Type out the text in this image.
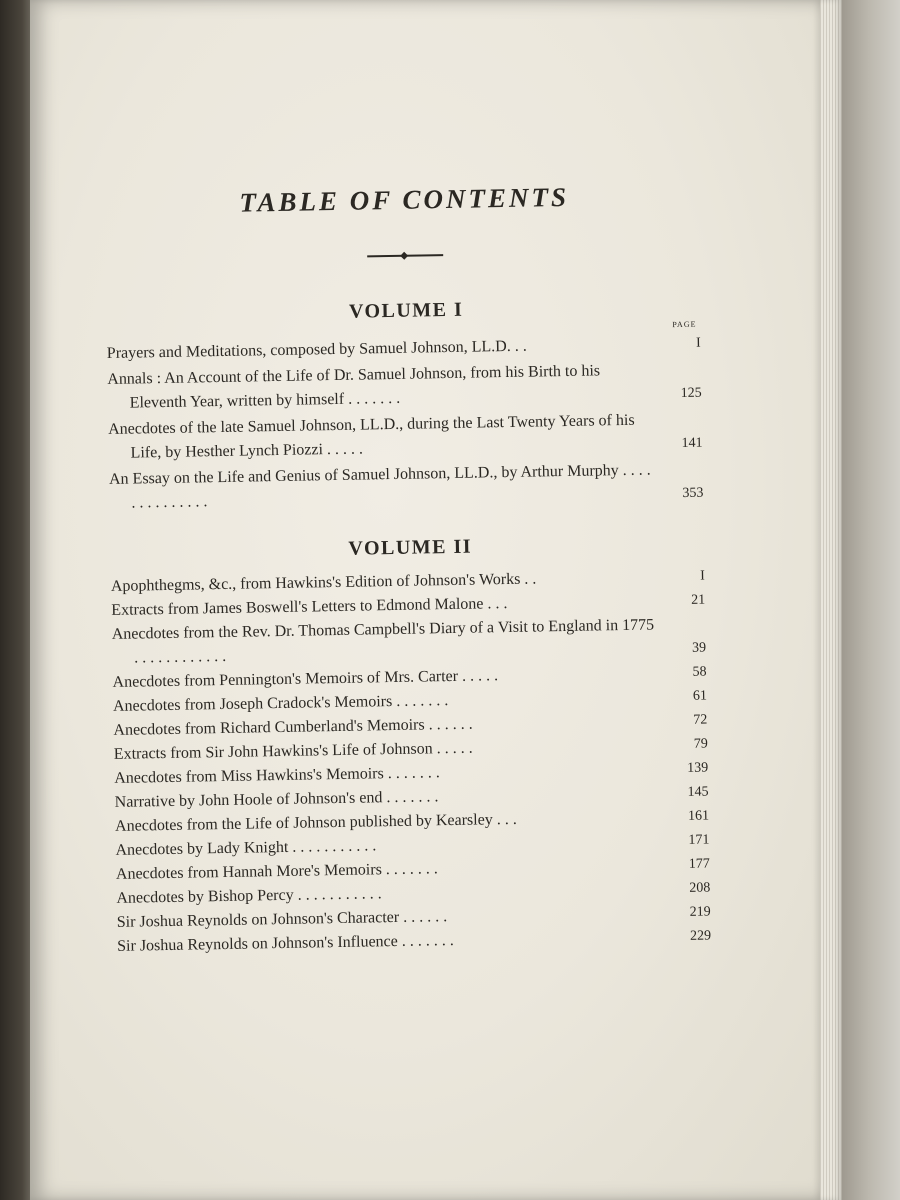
TABLE OF CONTENTS
VOLUME I
PAGE
Prayers and Meditations, composed by Samuel Johnson, LL.D. . .	I
Annals : An Account of the Life of Dr. Samuel Johnson, from his Birth to his Eleventh Year, written by himself . . . . . . .	125
Anecdotes of the late Samuel Johnson, LL.D., during the Last Twenty Years of his Life, by Hesther Lynch Piozzi . . . . .	141
An Essay on the Life and Genius of Samuel Johnson, LL.D., by Arthur Murphy . . . . . . . . . . . . . .	353
VOLUME II
Apophthegms, &c., from Hawkins's Edition of Johnson's Works . .	I
Extracts from James Boswell's Letters to Edmond Malone . . .	21
Anecdotes from the Rev. Dr. Thomas Campbell's Diary of a Visit to England in 1775 . . . . . . . . . . . .	39
Anecdotes from Pennington's Memoirs of Mrs. Carter . . . . .	58
Anecdotes from Joseph Cradock's Memoirs . . . . . . .	61
Anecdotes from Richard Cumberland's Memoirs . . . . . .	72
Extracts from Sir John Hawkins's Life of Johnson . . . . .	79
Anecdotes from Miss Hawkins's Memoirs . . . . . . .	139
Narrative by John Hoole of Johnson's end . . . . . . .	145
Anecdotes from the Life of Johnson published by Kearsley . . .	161
Anecdotes by Lady Knight . . . . . . . . . . .	171
Anecdotes from Hannah More's Memoirs . . . . . . .	177
Anecdotes by Bishop Percy . . . . . . . . . . .	208
Sir Joshua Reynolds on Johnson's Character . . . . . .	219
Sir Joshua Reynolds on Johnson's Influence . . . . . . .	229
